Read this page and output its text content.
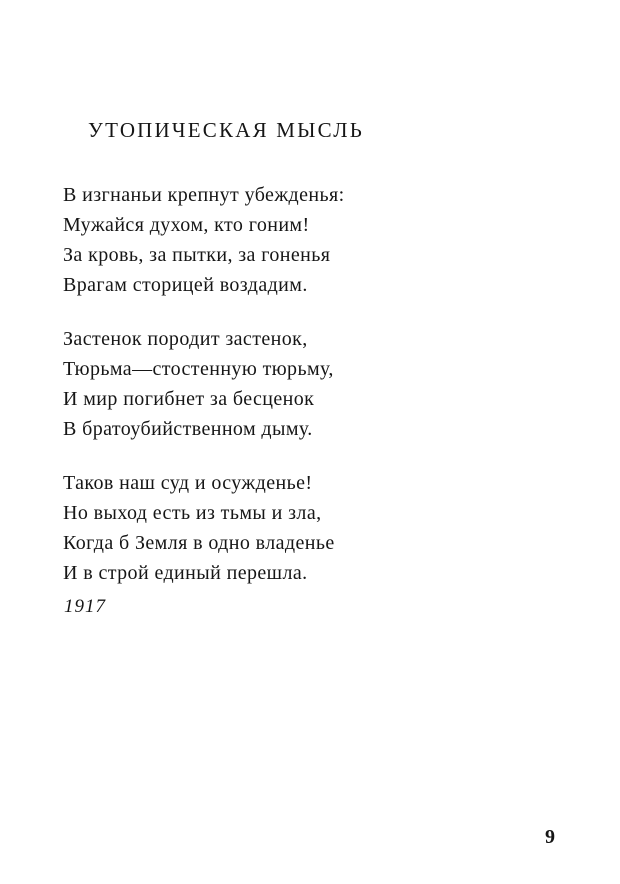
УТОПИЧЕСКАЯ МЫСЛЬ
В изгнаньи крепнут убежденья:
Мужайся духом, кто гоним!
За кровь, за пытки, за гоненья
Врагам сторицей воздадим.
Застенок породит застенок,
Тюрьма—стостенную тюрьму,
И мир погибнет за бесценок
В братоубийственном дыму.
Таков наш суд и осужденье!
Но выход есть из тьмы и зла,
Когда б Земля в одно владенье
И в строй единый перешла.
1917
9
